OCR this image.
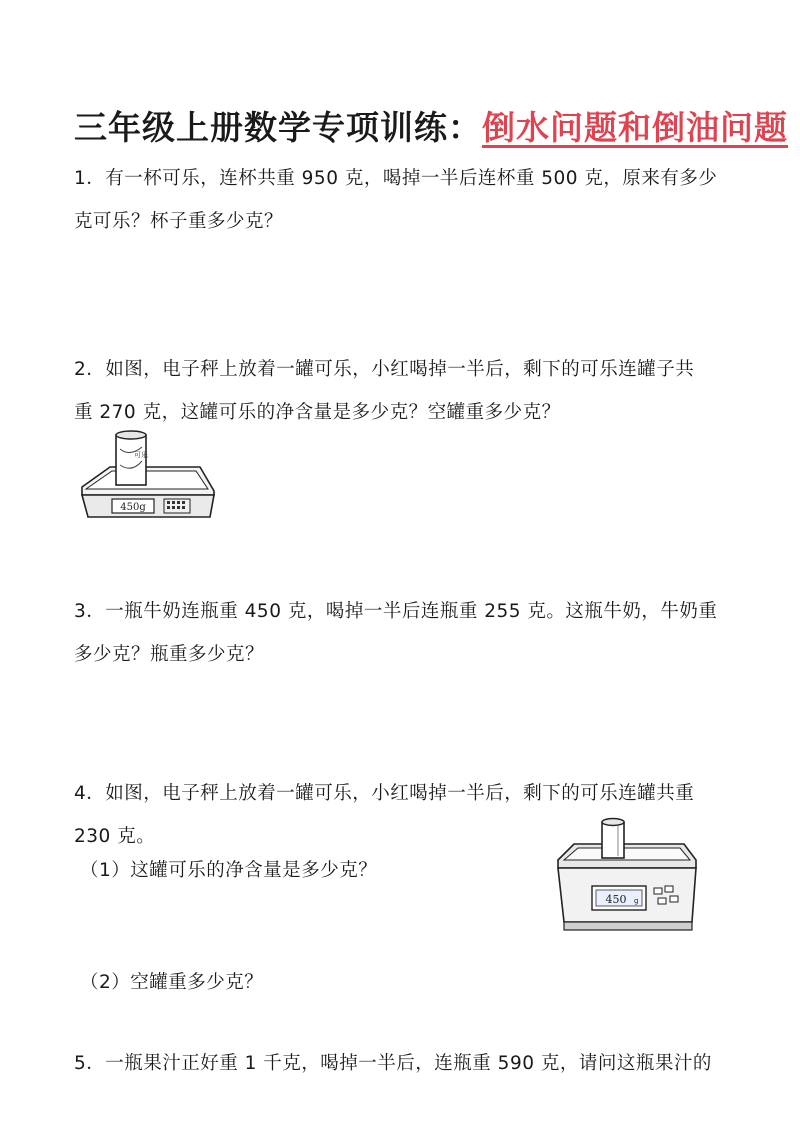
三年级上册数学专项训练：倒水问题和倒油问题

1．有一杯可乐，连杯共重 950 克，喝掉一半后连杯重 500 克，原来有多少

克可乐？杯子重多少克？

2．如图，电子秤上放着一罐可乐，小红喝掉一半后，剩下的可乐连罐子共

重 270 克，这罐可乐的净含量是多少克？空罐重多少克？

450g
可乐

3．一瓶牛奶连瓶重 450 克，喝掉一半后连瓶重 255 克。这瓶牛奶，牛奶重

多少克？瓶重多少克？

4．如图，电子秤上放着一罐可乐，小红喝掉一半后，剩下的可乐连罐共重

230 克。

（1）这罐可乐的净含量是多少克？
（2）空罐重多少克？
450 g

5．一瓶果汁正好重 1 千克，喝掉一半后，连瓶重 590 克，请问这瓶果汁的
